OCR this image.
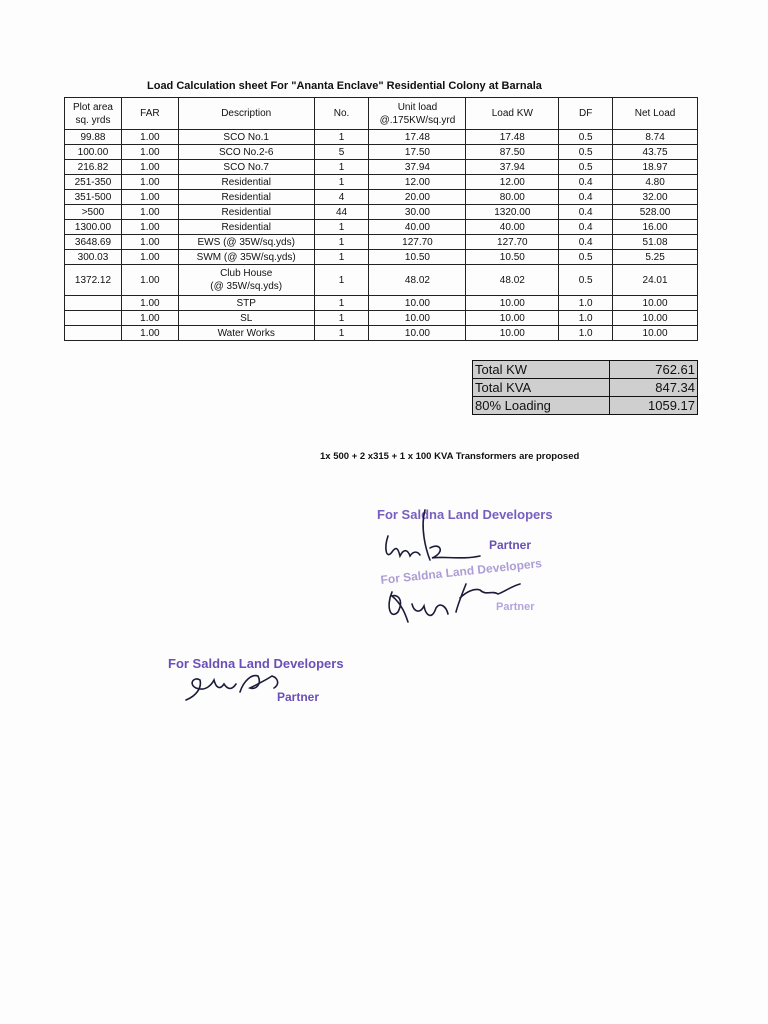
Load Calculation sheet For "Ananta Enclave" Residential Colony at Barnala
Plot area
sq. yrds	FAR	Description	No.	Unit load
@.175KW/sq.yrd	Load KW	DF	Net Load
99.88	1.00	SCO No.1	1	17.48	17.48	0.5	8.74
100.00	1.00	SCO No.2-6	5	17.50	87.50	0.5	43.75
216.82	1.00	SCO No.7	1	37.94	37.94	0.5	18.97
251-350	1.00	Residential	1	12.00	12.00	0.4	4.80
351-500	1.00	Residential	4	20.00	80.00	0.4	32.00
>500	1.00	Residential	44	30.00	1320.00	0.4	528.00
1300.00	1.00	Residential	1	40.00	40.00	0.4	16.00
3648.69	1.00	EWS (@ 35W/sq.yds)	1	127.70	127.70	0.4	51.08
300.03	1.00	SWM (@ 35W/sq.yds)	1	10.50	10.50	0.5	5.25
1372.12	1.00	Club House
(@ 35W/sq.yds)	1	48.02	48.02	0.5	24.01
	1.00	STP	1	10.00	10.00	1.0	10.00
	1.00	SL	1	10.00	10.00	1.0	10.00
	1.00	Water Works	1	10.00	10.00	1.0	10.00
Total KW	762.61
Total KVA	847.34
80% Loading	1059.17
1x 500 + 2 x315 + 1 x 100 KVA Transformers are proposed
For Saldna Land Developers
Partner
For Saldna Land Developers
Partner
For Saldna Land Developers
Partner
